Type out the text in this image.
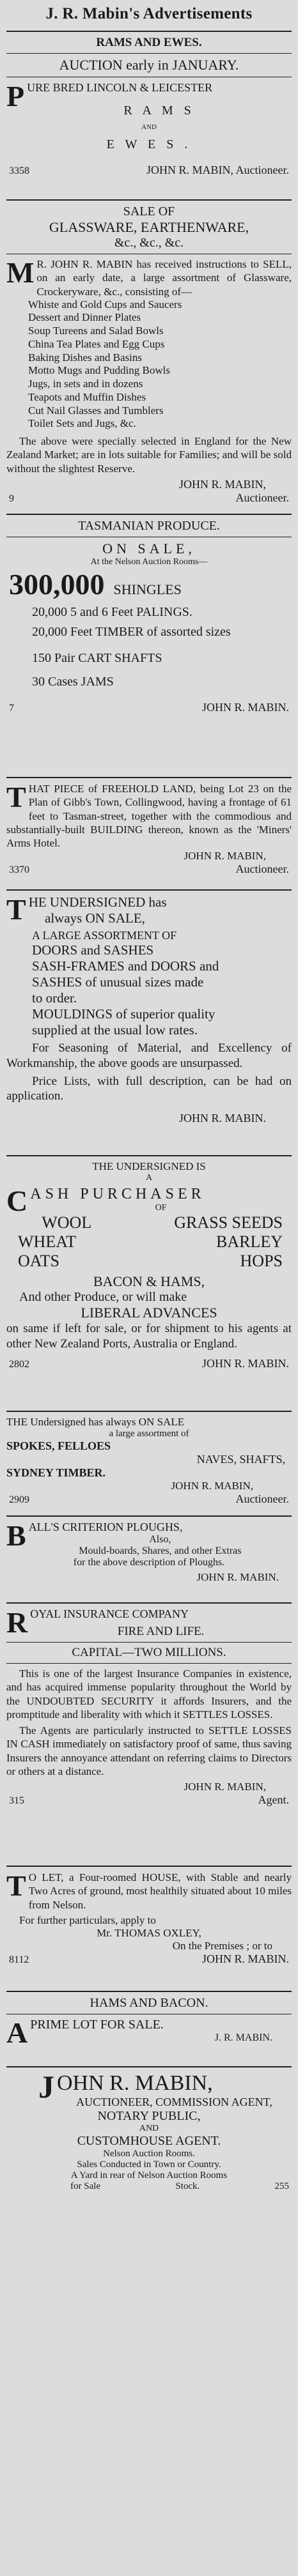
J. R. Mabin's Advertisements
RAMS AND EWES.
AUCTION early in JANUARY.
PURE BRED LINCOLN & LEICESTER
R A M S
AND
E W E S .
3358	JOHN R. MABIN, Auctioneer.
SALE OF
GLASSWARE, EARTHENWARE,
&c., &c., &c.
M R. JOHN R. MABIN has received instructions to SELL, on an early date, a large assortment of Glassware, Crockeryware, &c., consisting of—
Whiste and Gold Cups and Saucers
Dessert and Dinner Plates
Soup Tureens and Salad Bowls
China Tea Plates and Egg Cups
Baking Dishes and Basins
Motto Mugs and Pudding Bowls
Jugs, in sets and in dozens
Teapots and Muffin Dishes
Cut Nail Glasses and Tumblers
Toilet Sets and Jugs, &c.
The above were specially selected in England for the New Zealand Market; are in lots suitable for Families; and will be sold without the slightest Reserve.
JOHN R. MABIN,
9	Auctioneer.
TASMANIAN PRODUCE.
ON SALE,
At the Nelson Auction Rooms—
300,000 SHINGLES
20,000 5 and 6 Feet PALINGS.
20,000 Feet TIMBER of assorted sizes
150 Pair CART SHAFTS
30 Cases JAMS
7	JOHN R. MABIN.
THAT PIECE of FREEHOLD LAND, being Lot 23 on the Plan of Gibb's Town, Collingwood, having a frontage of 61 feet to Tasman-street, together with the commodious and substantially-built BUILDING thereon, known as the 'Miners' Arms Hotel.
JOHN R. MABIN,
3370	Auctioneer.
THE UNDERSIGNED has
always ON SALE,
A LARGE ASSORTMENT OF
DOORS and SASHES
SASH-FRAMES and DOORS and
SASHES of unusual sizes made
to order.
MOULDINGS of superior quality
supplied at the usual low rates.
For Seasoning of Material, and Excellency of Workmanship, the above goods are unsurpassed.
Price Lists, with full description, can be had on application.
JOHN R. MABIN.
THE UNDERSIGNED IS
A
CASH PURCHASER
OF
WOOL	GRASS SEEDS
WHEAT	BARLEY
OATS	HOPS
BACON & HAMS,
And other Produce, or will make
LIBERAL ADVANCES
on same if left for sale, or for shipment to his agents at other New Zealand Ports, Australia or England.
2802	JOHN R. MABIN.
THE Undersigned has always ON SALE
a large assortment of
SPOKES, FELLOES
NAVES, SHAFTS,
SYDNEY TIMBER.
JOHN R. MABIN,
2909	Auctioneer.
BALL'S CRITERION PLOUGHS,
Also,
Mould-boards, Shares, and other Extras
for the above description of Ploughs.
JOHN R. MABIN.
ROYAL INSURANCE COMPANY
FIRE AND LIFE.
CAPITAL—TWO MILLIONS.
This is one of the largest Insurance Companies in existence, and has acquired immense popularity throughout the World by the UNDOUBTED SECURITY it affords Insurers, and the promptitude and liberality with which it SETTLES LOSSES.
The Agents are particularly instructed to SETTLE LOSSES IN CASH immediately on satisfactory proof of same, thus saving Insurers the annoyance attendant on referring claims to Directors or others at a distance.
JOHN R. MABIN,
315	Agent.
T O LET, a Four-roomed HOUSE, with Stable and nearly Two Acres of ground, most healthily situated about 10 miles from Nelson.
For further particulars, apply to
Mr. THOMAS OXLEY,
On the Premises ; or to
8112	JOHN R. MABIN.
HAMS AND BACON.
APRIME LOT FOR SALE.
J. R. MABIN.
J OHN R. MABIN,
AUCTIONEER, COMMISSION AGENT,
NOTARY PUBLIC,
AND
CUSTOMHOUSE AGENT.
Nelson Auction Rooms.
Sales Conducted in Town or Country.
A Yard in rear of Nelson Auction Rooms
for Sale	Stock.	255
